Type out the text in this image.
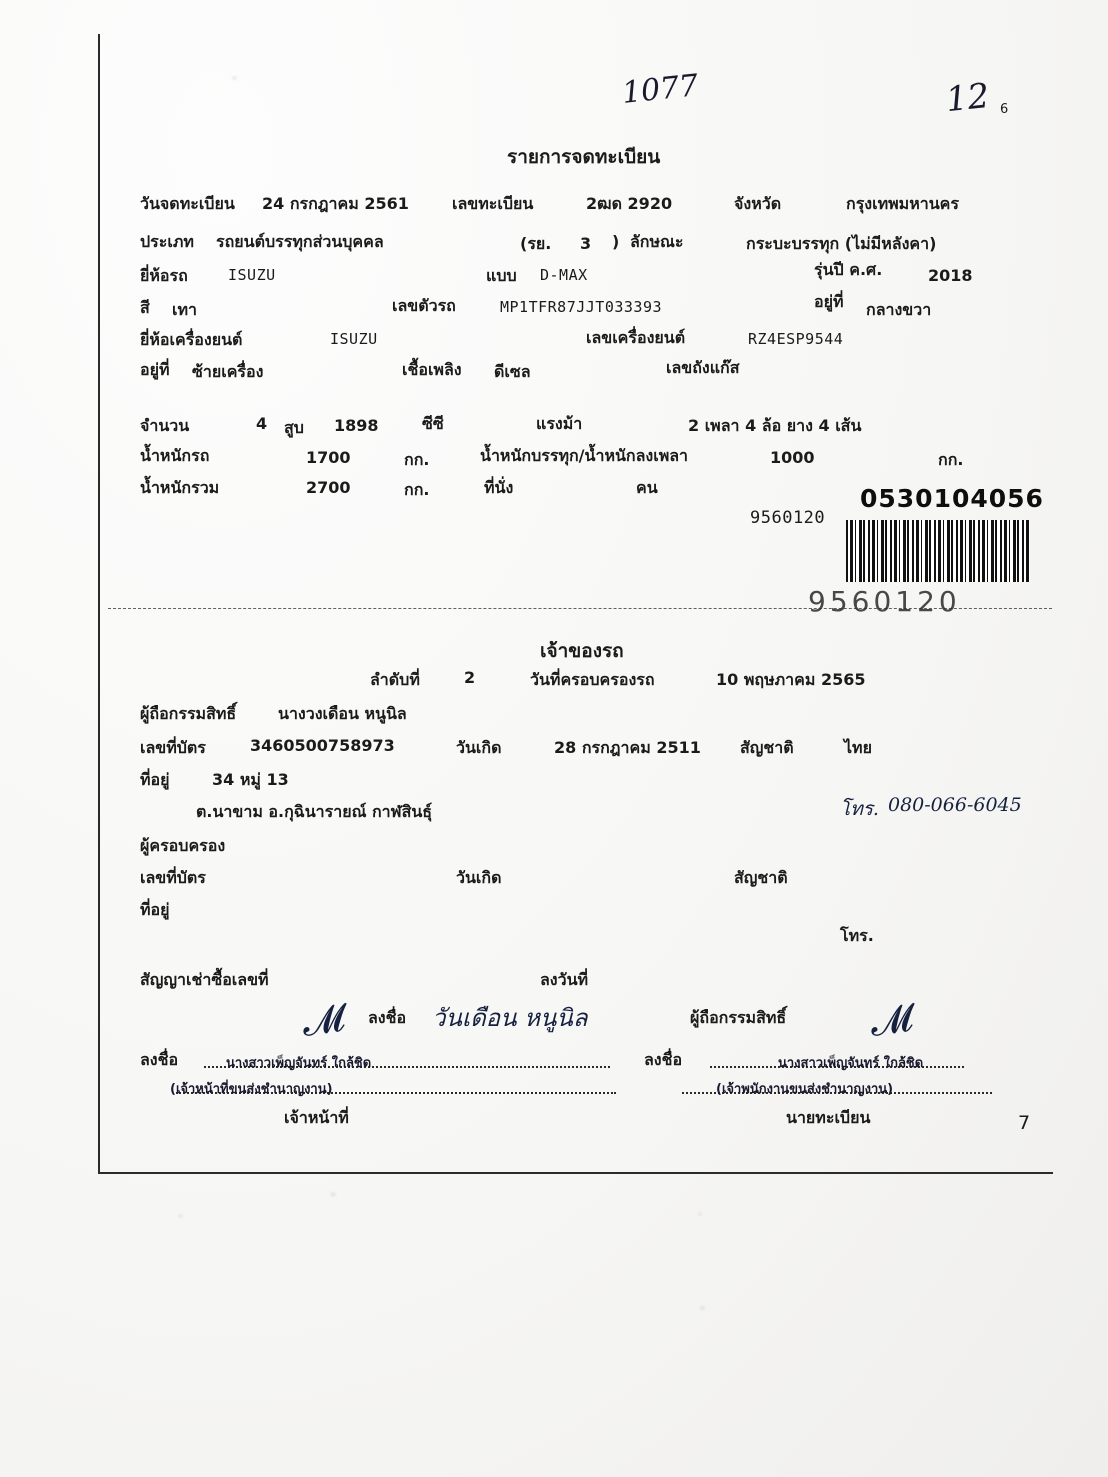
1077	12 6
รายการจดทะเบียน
วันจดทะเบียน 24 กรกฎาคม 2561	เลขทะเบียน	2ฒด 2920	จังหวัด	กรุงเทพมหานคร
ประเภท รถยนต์บรรทุกส่วนบุคคล	(รย. 3 ) ลักษณะ	กระบะบรรทุก (ไม่มีหลังคา)
ยี่ห้อรถ	ISUZU	แบบ D-MAX	รุ่นปี ค.ศ.	2018
สี เทา	เลขตัวรถ	MP1TFR87JJT033393	อยู่ที่ กลางขวา
ยี่ห้อเครื่องยนต์	ISUZU	เลขเครื่องยนต์	RZ4ESP9544
อยู่ที่ ซ้ายเครื่อง	เชื้อเพลิง ดีเซล	เลขถังแก๊ส
จำนวน	4 สูบ 1898	ซีซี	แรงม้า	2 เพลา 4 ล้อ ยาง 4 เส้น
น้ำหนักรถ	1700	กก.	น้ำหนักบรรทุก/น้ำหนักลงเพลา	1000	กก.
น้ำหนักรวม	2700	กก.	ที่นั่ง	คน	0530104056
9560120
9560120
เจ้าของรถ
ลำดับที่	2	วันที่ครอบครองรถ	10 พฤษภาคม 2565
ผู้ถือกรรมสิทธิ์	นางวงเดือน หนูนิล
เลขที่บัตร	3460500758973	วันเกิด	28 กรกฎาคม 2511 สัญชาติ	ไทย
ที่อยู่	34 หมู่ 13
ต.นาขาม อ.กุฉินารายณ์ กาฬสินธุ์	โทร. 080-066-6045
ผู้ครอบครอง
เลขที่บัตร	วันเกิด	สัญชาติ
ที่อยู่
โทร.
สัญญาเช่าซื้อเลขที่	ลงวันที่
ลงชื่อ วันเดือน หนูนิล	ผู้ถือกรรมสิทธิ์
𝓜
ลงชื่อ	นางสาวเพ็ญจันทร์ ใกล้ชิด
(เจ้าหน้าที่ขนส่งชำนาญงาน)
เจ้าหน้าที่
𝓜
ลงชื่อ	นางสาวเพ็ญจันทร์ ใกล้ชิด
(เจ้าพนักงานขนส่งชำนาญงาน)
นายทะเบียน	7
